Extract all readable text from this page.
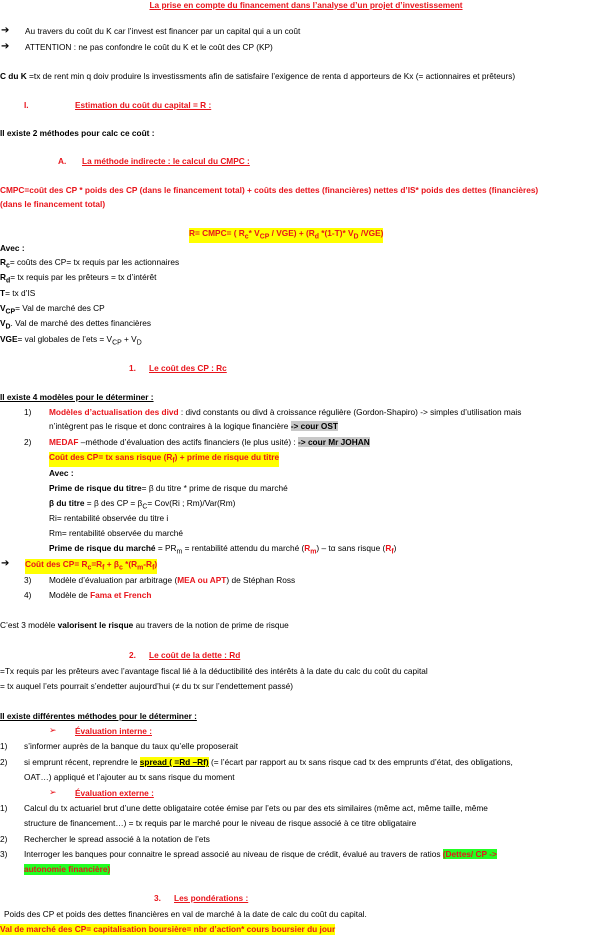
La prise en compte du financement dans l’analyse d’un projet d’investissement
➔ Au travers du coût du K car l’invest est financer par un capital qui a un coût
➔ ATTENTION : ne pas confondre le coût du K et le coût des CP (KP)
C du K =tx de rent min q doiv produire ls investissments afin de satisfaire l’exigence de renta d apporteurs de Kx (= actionnaires et prêteurs)
I.	Estimation du coût du capital = R :
Il existe 2 méthodes pour calc ce coût :
A. La méthode indirecte : le calcul du CMPC :
CMPC=coût des CP * poids des CP (dans le financement total) + coûts des dettes (financières) nettes d’IS* poids des dettes (financières)
(dans le financement total)
R= CMPC= ( $R_c*$ $V_{CP} / VGE) + (R_d$ *(1-T)* $V_D$ /VGE)
Avec :
$R_c=$ coûts des CP= tx requis par les actionnaires
$R_d=$ tx requis par les prêteurs = tx d’intérêt
T= tx d’IS
$V_{CP}=$ Val de marché des CP
$V_D$. Val de marché des dettes financières
VGE= val globales de l’ets = $V_{CP} + V_D$
1. Le coût des CP : Rc
Il existe 4 modèles pour le déterminer :
1) Modèles d’actualisation des divd : divd constants ou divd à croissance régulière (Gordon-Shapiro) -> simples d’utilisation mais
n’intègrent pas le risque et donc contraires à la logique financière -> cour OST
2) MEDAF –méthode d’évaluation des actifs financiers (le plus usité) : -> cour Mr JOHAN
Coût des CP= tx sans risque $(R_f)$ + prime de risque du titre
Avec :
Prime de risque du titre= β du titre * prime de risque du marché
β du titre = β des CP = $\beta_C= Cov(Ri$ ; Rm)/Var(Rm)
Ri= rentabilité observée du titre i
Rm= rentabilité observée du marché
Prime de risque du marché = $PR_m$ = rentabilité attendu du marché $(R_m)$ – tα sans risque $(R_f)$
➔ Coût des $CP= R_c=R_f + \beta_c$ $*(R_m-R_f)$
3) Modèle d’évaluation par arbitrage (MEA ou APT) de Stéphan Ross
4) Modèle de Fama et French
C’est 3 modèle valorisent le risque au travers de la notion de prime de risque
2. Le coût de la dette : Rd
=Tx requis par les prêteurs avec l’avantage fiscal lié à la déductibilité des intérêts à la date du calc du coût du capital
= tx auquel l’ets pourrait s’endetter aujourd’hui (≠ du tx sur l’endettement passé)
Il existe différentes méthodes pour le déterminer :
➢ Évaluation interne :
1) s’informer auprès de la banque du taux qu’elle proposerait
2) si emprunt récent, reprendre le spread ( =Rd –Rf) (= l’écart par rapport au tx sans risque cad tx des emprunts d’état, des obligations,
OAT…) appliqué et l’ajouter au tx sans risque du moment
➢ Évaluation externe :
1) Calcul du tx actuariel brut d’une dette obligataire cotée émise par l’ets ou par des ets similaires (même act, même taille, même
structure de financement…) = tx requis par le marché pour le niveau de risque associé à ce titre obligataire
2) Rechercher le spread associé à la notation de l’ets
3) Interroger les banques pour connaitre le spread associé au niveau de risque de crédit, évalué au travers de ratios (Dettes/ CP ->
autonomie financière)
3. Les pondérations :
Poids des CP et poids des dettes financières en val de marché à la date de calc du coût du capital.
Val de marché des CP= capitalisation boursière= nbr d’action* cours boursier du jour
